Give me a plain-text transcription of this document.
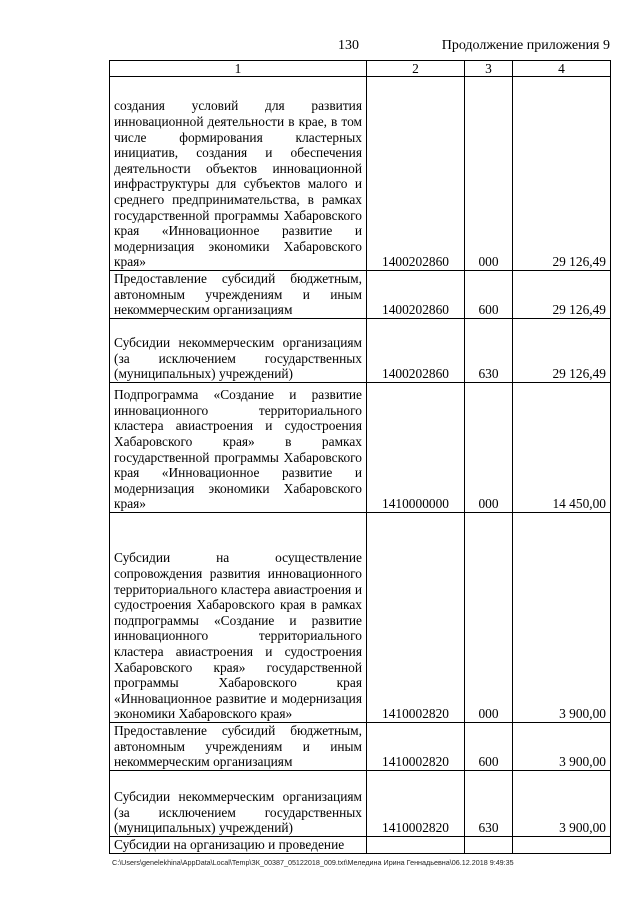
130	Продолжение приложения 9
1	2	3	4
создания условий для развития инновационной деятельности в крае, в том числе формирования кластерных инициатив, создания и обеспечения деятельности объектов инновационной инфраструктуры для субъектов малого и среднего предпринимательства, в рамках государственной программы Хабаровского края «Инновационное развитие и модернизация экономики Хабаровского края»	1400202860	000	29 126,49
Предоставление субсидий бюджетным, автономным учреждениям и иным некоммерческим организациям	1400202860	600	29 126,49
Субсидии некоммерческим организациям (за исключением государственных (муниципальных) учреждений)	1400202860	630	29 126,49
Подпрограмма «Создание и развитие инновационного территориального кластера авиастроения и судостроения Хабаровского края» в рамках государственной программы Хабаровского края «Инновационное развитие и модернизация экономики Хабаровского края»	1410000000	000	14 450,00
Субсидии на осуществление сопровождения развития инновационного территориального кластера авиастроения и судостроения Хабаровского края в рамках подпрограммы «Создание и развитие инновационного территориального кластера авиастроения и судостроения Хабаровского края» государственной программы Хабаровского края «Инновационное развитие и модернизация экономики Хабаровского края»	1410002820	000	3 900,00
Предоставление субсидий бюджетным, автономным учреждениям и иным некоммерческим организациям	1410002820	600	3 900,00
Субсидии некоммерческим организациям (за исключением государственных (муниципальных) учреждений)	1410002820	630	3 900,00
Субсидии на организацию и проведение			
C:\Users\genelekhina\AppData\Local\Temp\ЗК_00387_05122018_009.txt\Меледина Ирина Геннадьевна\06.12.2018 9:49:35
